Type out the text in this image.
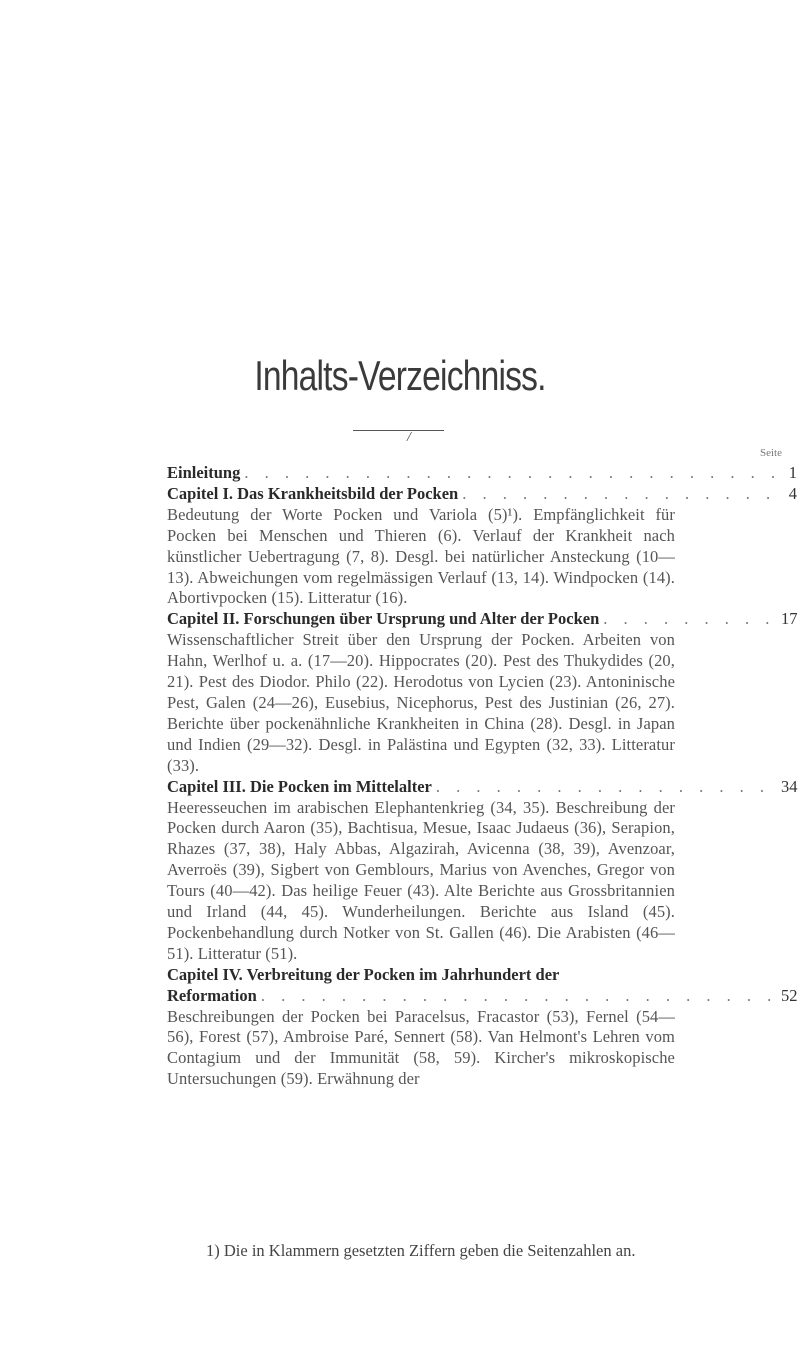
Inhalts-Verzeichniss.
/
Seite
Einleitung . . .	1
Capitel I. Das Krankheitsbild der Pocken . . .	4
Bedeutung der Worte Pocken und Variola (5)¹). Empfänglichkeit für Pocken bei Menschen und Thieren (6). Verlauf der Krankheit nach künstlicher Uebertragung (7, 8). Desgl. bei natürlicher Ansteckung (10—13). Abweichungen vom regelmässigen Verlauf (13, 14). Windpocken (14). Abortivpocken (15). Litteratur (16).
Capitel II. Forschungen über Ursprung und Alter der Pocken . . .	17
Wissenschaftlicher Streit über den Ursprung der Pocken. Arbeiten von Hahn, Werlhof u. a. (17—20). Hippocrates (20). Pest des Thukydides (20, 21). Pest des Diodor. Philo (22). Herodotus von Lycien (23). Antoninische Pest, Galen (24—26), Eusebius, Nicephorus, Pest des Justinian (26, 27). Berichte über pockenähnliche Krankheiten in China (28). Desgl. in Japan und Indien (29—32). Desgl. in Palästina und Egypten (32, 33). Litteratur (33).
Capitel III. Die Pocken im Mittelalter . . .	34
Heeresseuchen im arabischen Elephantenkrieg (34, 35). Beschreibung der Pocken durch Aaron (35), Bachtisua, Mesue, Isaac Judaeus (36), Serapion, Rhazes (37, 38), Haly Abbas, Algazirah, Avicenna (38, 39), Avenzoar, Averroës (39), Sigbert von Gemblours, Marius von Avenches, Gregor von Tours (40—42). Das heilige Feuer (43). Alte Berichte aus Grossbritannien und Irland (44, 45). Wunderheilungen. Berichte aus Island (45). Pockenbehandlung durch Notker von St. Gallen (46). Die Arabisten (46—51). Litteratur (51).
Capitel IV. Verbreitung der Pocken im Jahrhundert der
Reformation . . .	52
Beschreibungen der Pocken bei Paracelsus, Fracastor (53), Fernel (54—56), Forest (57), Ambroise Paré, Sennert (58). Van Helmont's Lehren vom Contagium und der Immunität (58, 59). Kircher's mikroskopische Untersuchungen (59). Erwähnung der
1) Die in Klammern gesetzten Ziffern geben die Seitenzahlen an.
